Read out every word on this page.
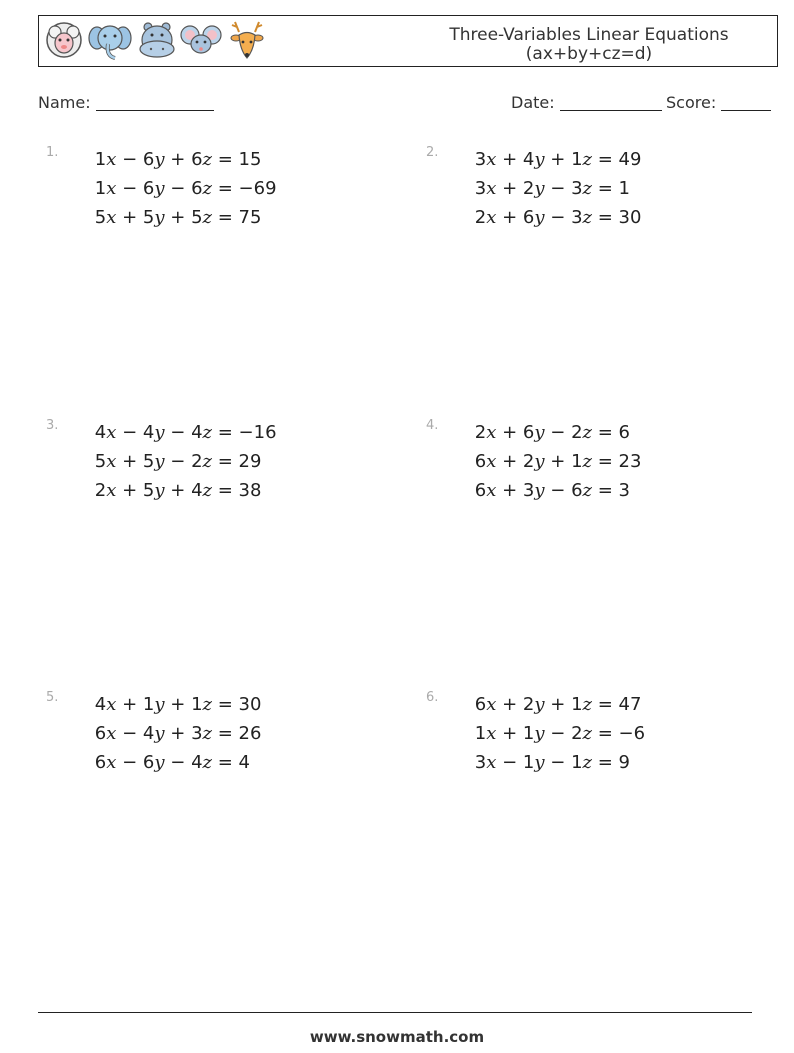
Three-Variables Linear Equations
(ax+by+cz=d)
Name:	Date:	Score:
1.	1x − 6y + 6z = 15
1x − 6y − 6z = −69
5x + 5y + 5z = 75
2.	3x + 4y + 1z = 49
3x + 2y − 3z = 1
2x + 6y − 3z = 30
3.	4x − 4y − 4z = −16
5x + 5y − 2z = 29
2x + 5y + 4z = 38
4.	2x + 6y − 2z = 6
6x + 2y + 1z = 23
6x + 3y − 6z = 3
5.	4x + 1y + 1z = 30
6x − 4y + 3z = 26
6x − 6y − 4z = 4
6.	6x + 2y + 1z = 47
1x + 1y − 2z = −6
3x − 1y − 1z = 9
www.snowmath.com
